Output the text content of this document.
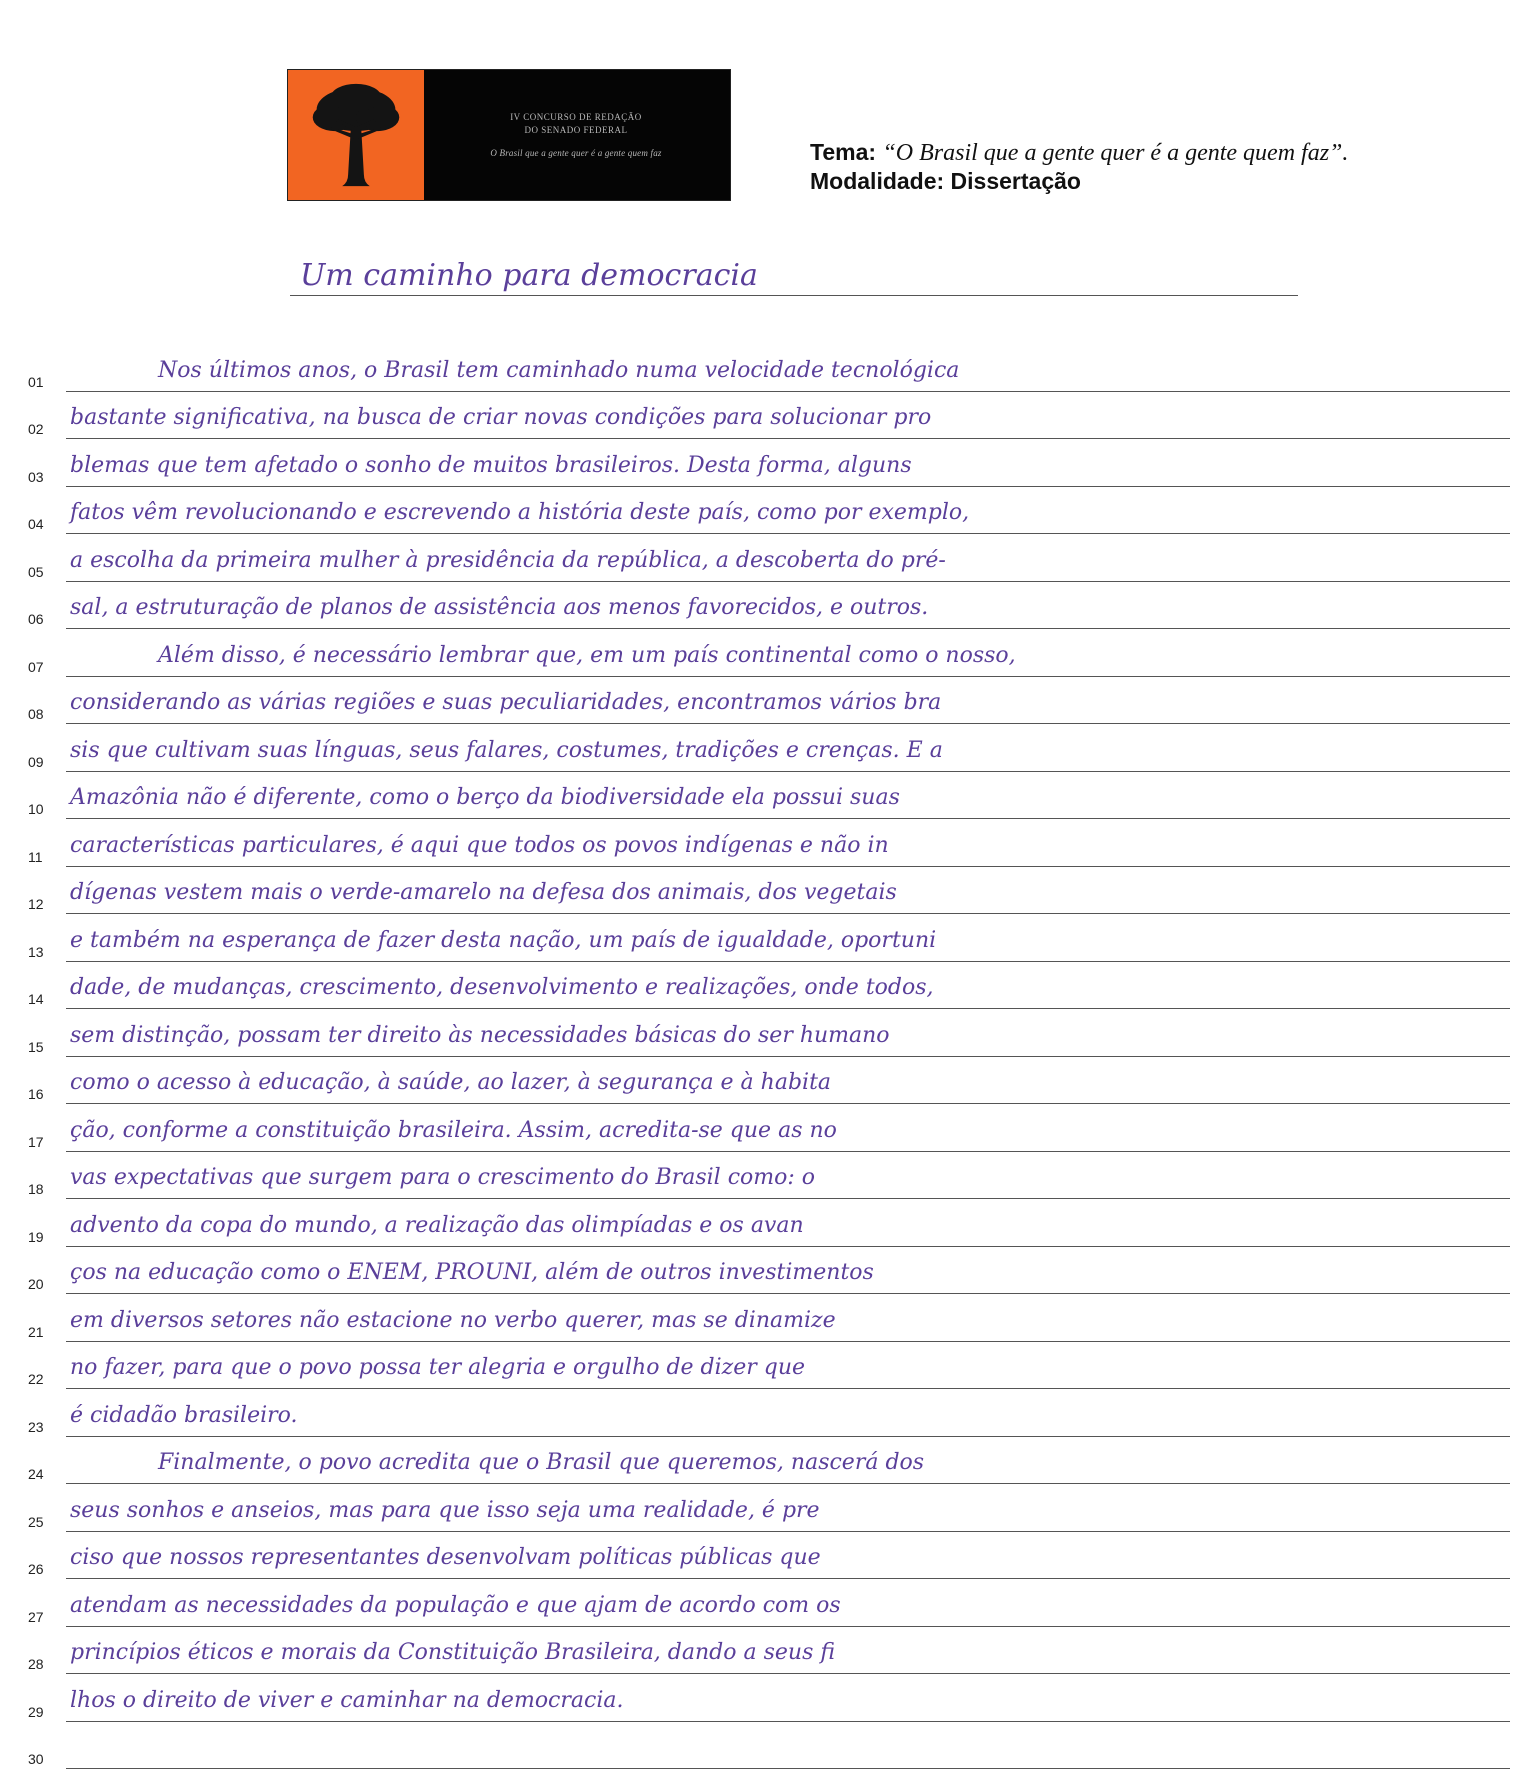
IV CONCURSO DE REDAÇÃO
DO SENADO FEDERAL
O Brasil que a gente quer é a gente quem faz	Tema: “O Brasil que a gente quer é a gente quem faz”.
Modalidade: Dissertação
Um caminho para democracia
01	Nos últimos anos, o Brasil tem caminhado numa velocidade tecnológica
02	bastante significativa, na busca de criar novas condições para solucionar pro
03	blemas que tem afetado o sonho de muitos brasileiros. Desta forma, alguns
04	fatos vêm revolucionando e escrevendo a história deste país, como por exemplo,
05	a escolha da primeira mulher à presidência da república, a descoberta do pré-
06	sal, a estruturação de planos de assistência aos menos favorecidos, e outros.
07	Além disso, é necessário lembrar que, em um país continental como o nosso,
08	considerando as várias regiões e suas peculiaridades, encontramos vários bra
09	sis que cultivam suas línguas, seus falares, costumes, tradições e crenças. E a
10	Amazônia não é diferente, como o berço da biodiversidade ela possui suas
11	características particulares, é aqui que todos os povos indígenas e não in
12	dígenas vestem mais o verde-amarelo na defesa dos animais, dos vegetais
13	e também na esperança de fazer desta nação, um país de igualdade, oportuni
14	dade, de mudanças, crescimento, desenvolvimento e realizações, onde todos,
15	sem distinção, possam ter direito às necessidades básicas do ser humano
16	como o acesso à educação, à saúde, ao lazer, à segurança e à habita
17	ção, conforme a constituição brasileira. Assim, acredita-se que as no
18	vas expectativas que surgem para o crescimento do Brasil como: o
19	advento da copa do mundo, a realização das olimpíadas e os avan
20	ços na educação como o ENEM, PROUNI, além de outros investimentos
21	em diversos setores não estacione no verbo querer, mas se dinamize
22	no fazer, para que o povo possa ter alegria e orgulho de dizer que
23	é cidadão brasileiro.
24	Finalmente, o povo acredita que o Brasil que queremos, nascerá dos
25	seus sonhos e anseios, mas para que isso seja uma realidade, é pre
26	ciso que nossos representantes desenvolvam políticas públicas que
27	atendam as necessidades da população e que ajam de acordo com os
28	princípios éticos e morais da Constituição Brasileira, dando a seus fi
29	lhos o direito de viver e caminhar na democracia.
30
